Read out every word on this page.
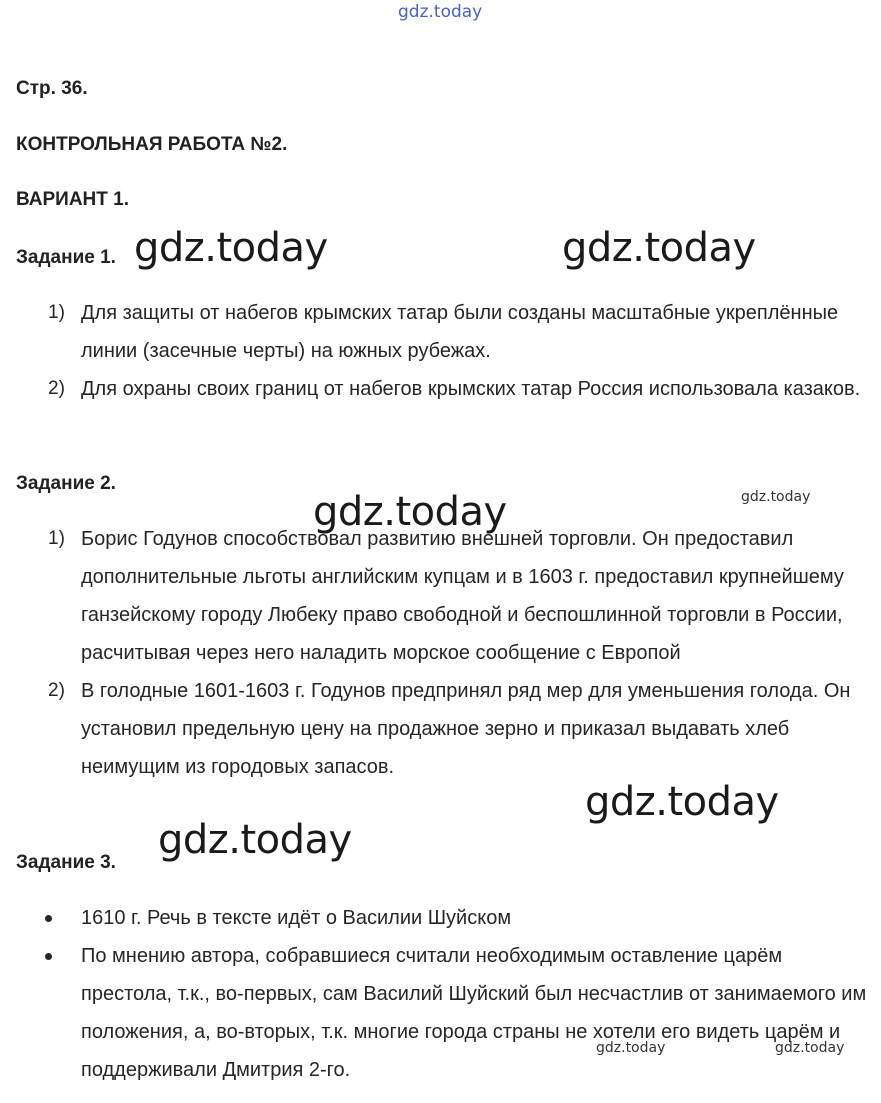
gdz.today

Стр. 36.

КОНТРОЛЬНАЯ РАБОТА №2.

ВАРИАНТ 1.

Задание 1. gdz.today	gdz.today
1) Для защиты от набегов крымских татар были созданы масштабные укреплённые линии (засечные черты) на южных рубежах.
2) Для охраны своих границ от набегов крымских татар Россия использовала казаков.

Задание 2.

gdz.today	gdz.today
1) Борис Годунов способствовал развитию внешней торговли. Он предоставил дополнительные льготы английским купцам и в 1603 г. предоставил крупнейшему ганзейскому городу Любеку право свободной и беспошлинной торговли в России, расчитывая через него наладить морское сообщение с Европой
2) В голодные 1601-1603 г. Годунов предпринял ряд мер для уменьшения голода. Он установил предельную цену на продажное зерно и приказал выдавать хлеб неимущим из городовых запасов.
gdz.today

Задание 3. gdz.today
1610 г. Речь в тексте идёт о Василии Шуйском
По мнению автора, собравшиеся считали необходимым оставление царём престола, т.к., во-первых, сам Василий Шуйский был несчастлив от занимаемого им положения, а, во-вторых, т.к. многие города страны не хотели его видеть царём и поддерживали Дмитрия 2-го.
gdz.today	gdz.today
